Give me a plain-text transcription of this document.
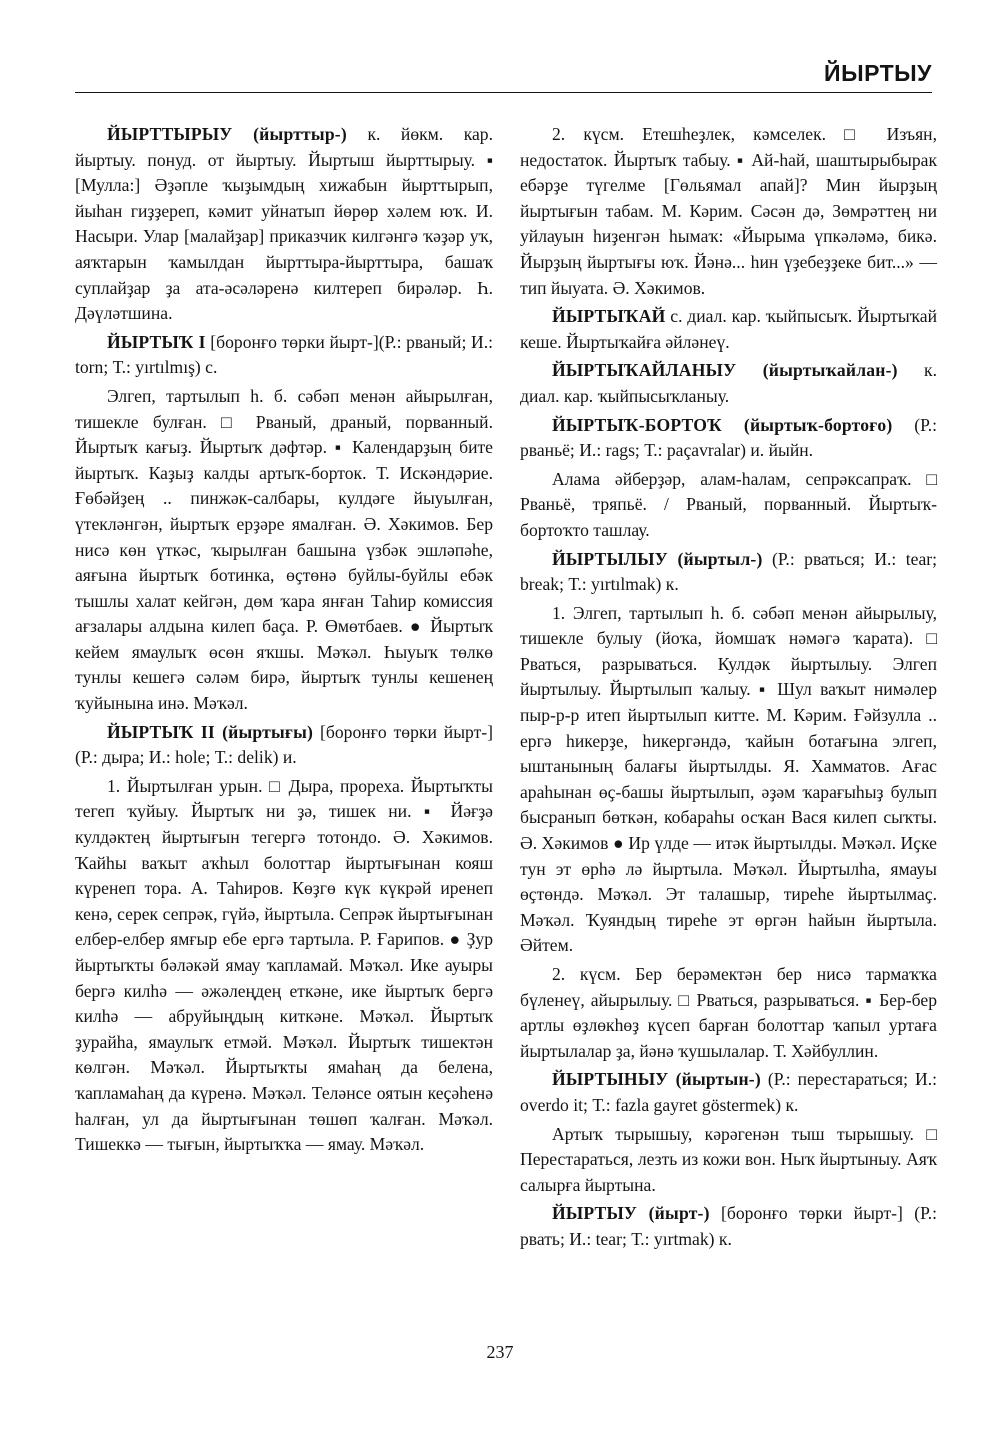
ЙЫРТЫУ

ЙЫРТТЫРЫУ (йырттыр-) к. йөкм. кар. йыртыу. понуд. от йыртыу. Йыртыш йырттырыу. ▪ [Мулла:] Әҙәпле ҡыҙымдың хижабын йырттырып, йыһан гиҙҙереп, кәмит уйнатып йөрөр хәлем юҡ. И. Насыри. Улар [малайҙар] приказчик килгәнгә ҡәҙәр уҡ, аяҡтарын ҡамылдан йырттыра-йырттыра, башаҡ суплайҙар ҙа ата-әсәләренә килтереп бирәләр. Һ. Дәүләтшина.

ЙЫРТЫҠ I [боронғо төрки йырт-](Р.: рваный; И.: torn; Т.: yırtılmış) с.

Элгеп, тартылып һ. б. сәбәп менән айырылған, тишекле булған. □ Рваный, драный, порванный. Йыртыҡ кағыҙ. Йыртыҡ дәфтәр. ▪ Календарҙың бите йыртыҡ. Каҙыҙ калды артыҡ-борток. Т. Искәндәрие. Ғөбәйҙең .. пинжәк-салбары, кулдәге йыуылған, үтекләнгән, йыртыҡ ерҙәре ямалған. Ә. Хәкимов. Бер нисә көн үткәс, ҡырылған башына үзбәк эшләпәһе, аяғына йыртыҡ ботинка, өҫтөнә буйлы-буйлы ебәк тышлы халат кейгән, дөм ҡара янған Таһир комиссия ағзалары алдына килеп баҫа. Р. Өмөтбаев. ● Йыртыҡ кейем ямаулыҡ өсөн яҡшы. Мәҡәл. Һыуыҡ төлкө тунлы кешегә сәләм бирә, йыртыҡ тунлы кешенең ҡуйынына инә. Мәҡәл.

ЙЫРТЫҠ II (йыртығы) [боронғо төрки йырт-] (Р.: дыра; И.: hole; Т.: delik) и.

1. Йыртылған урын. □ Дыра, прореха. Йыртыҡты тегеп ҡуйыу. Йыртыҡ ни ҙә, тишек ни. ▪ Йәғҙә кулдәктең йыртығын тегергә тотондо. Ә. Хәкимов. Ҡайһы ваҡыт аҡһыл болоттар йыртығынан кояш күренеп тора. А. Таһиров. Көҙгө күк күкрәй иренеп кенә, серек сепрәк, гүйә, йыртыла. Сепрәк йыртығынан елбер-елбер ямғыр ебе ергә тартыла. Р. Ғарипов. ● Ҙур йыртыҡты бәләкәй ямау ҡапламай. Мәҡәл. Ике ауыры бергә килһә — әжәлеңдең еткәне, ике йыртыҡ бергә килһә — абруйыңдың киткәне. Мәҡәл. Йыртыҡ ҙурайһа, ямаулыҡ етмәй. Мәҡәл. Йыртыҡ тишектән көлгән. Мәҡәл. Йыртыҡты ямаһаң да белена, ҡапламаһаң да күренә. Мәҡәл. Теләнсе оятын кеҫәһенә һалған, ул да йыртығынан төшөп ҡалған. Мәҡәл. Тишеккә — тығын, йыртыҡҡа — ямау. Мәҡәл.

2. күсм. Етешһеҙлек, кәмселек. □ Изъян, недостаток. Йыртыҡ табыу. ▪ Ай-һай, шаштырыбырак ебәрҙе түгелме [Гөльямал апай]? Мин йырҙың йыртығын табам. М. Кәрим. Сәсән дә, Зөмрәттең ни уйлауын һиҙенгән һымаҡ: «Йырыма үпкәләмә, бикә. Йырҙың йыртығы юҡ. Йәнә... һин үҙебеҙҙеке бит...» — тип йыуата. Ә. Хәкимов.

ЙЫРТЫҠАЙ с. диал. кар. ҡыйпысыҡ. Йыртыҡай кеше. Йыртыҡайға әйләнеү.

ЙЫРТЫҠАЙЛАНЫУ (йыртыҡайлан-) к. диал. кар. ҡыйпысыҡланыу.

ЙЫРТЫҠ-БОРТОҠ (йыртыҡ-бортоғо) (Р.: рваньё; И.: rags; Т.: paçavralar) и. йыйн.

Алама әйберҙәр, алам-һалам, сепрәксапраҡ. □ Рваньё, тряпьё. / Рваный, порванный. Йыртыҡ-бортоҡто ташлау.

ЙЫРТЫЛЫУ (йыртыл-) (Р.: рваться; И.: tear; break; Т.: yırtılmak) к.

1. Элгеп, тартылып һ. б. сәбәп менән айырылыу, тишекле булыу (йоҡа, йомшаҡ нәмәгә ҡарата). □ Рваться, разрываться. Кулдәк йыртылыу. Элгеп йыртылыу. Йыртылып ҡалыу. ▪ Шул ваҡыт нимәлер пыр-р-р итеп йыртылып китте. М. Кәрим. Ғәйзулла .. ергә һикерҙе, һикергәндә, ҡайын ботағына элгеп, ыштанының балағы йыртылды. Я. Хамматов. Ағас араһынан өҫ-башы йыртылып, әҙәм ҡарағыһыҙ булып бысранып бөткән, кобараһы осҡан Вася килеп сыҡты. Ә. Хәкимов ● Ир үлде — итәк йыртылды. Мәҡәл. Иҫке тун эт өрһә лә йыртыла. Мәҡәл. Йыртылһа, ямауы өҫтөндә. Мәҡәл. Эт талашыр, тиреһе йыртылмаҫ. Мәҡәл. Ҡуяндың тиреһе эт өргән һайын йыртыла. Әйтем.

2. күсм. Бер берәмектән бер нисә тармаҡҡа бүленеү, айырылыу. □ Рваться, разрываться. ▪ Бер-бер артлы өҙлөкһөҙ күсеп барған болоттар ҡапыл уртаға йыртылалар ҙа, йәнә ҡушылалар. Т. Хәйбуллин.

ЙЫРТЫНЫУ (йыртын-) (Р.: перестараться; И.: overdo it; Т.: fazla gayret göstermek) к.

Артыҡ тырышыу, кәрәгенән тыш тырышыу. □ Перестараться, лезть из кожи вон. Ныҡ йыртыныу. Аяҡ салырға йыртына.

ЙЫРТЫУ (йырт-) [боронғо төрки йырт-] (Р.: рвать; И.: tear; Т.: yırtmak) к.

237
